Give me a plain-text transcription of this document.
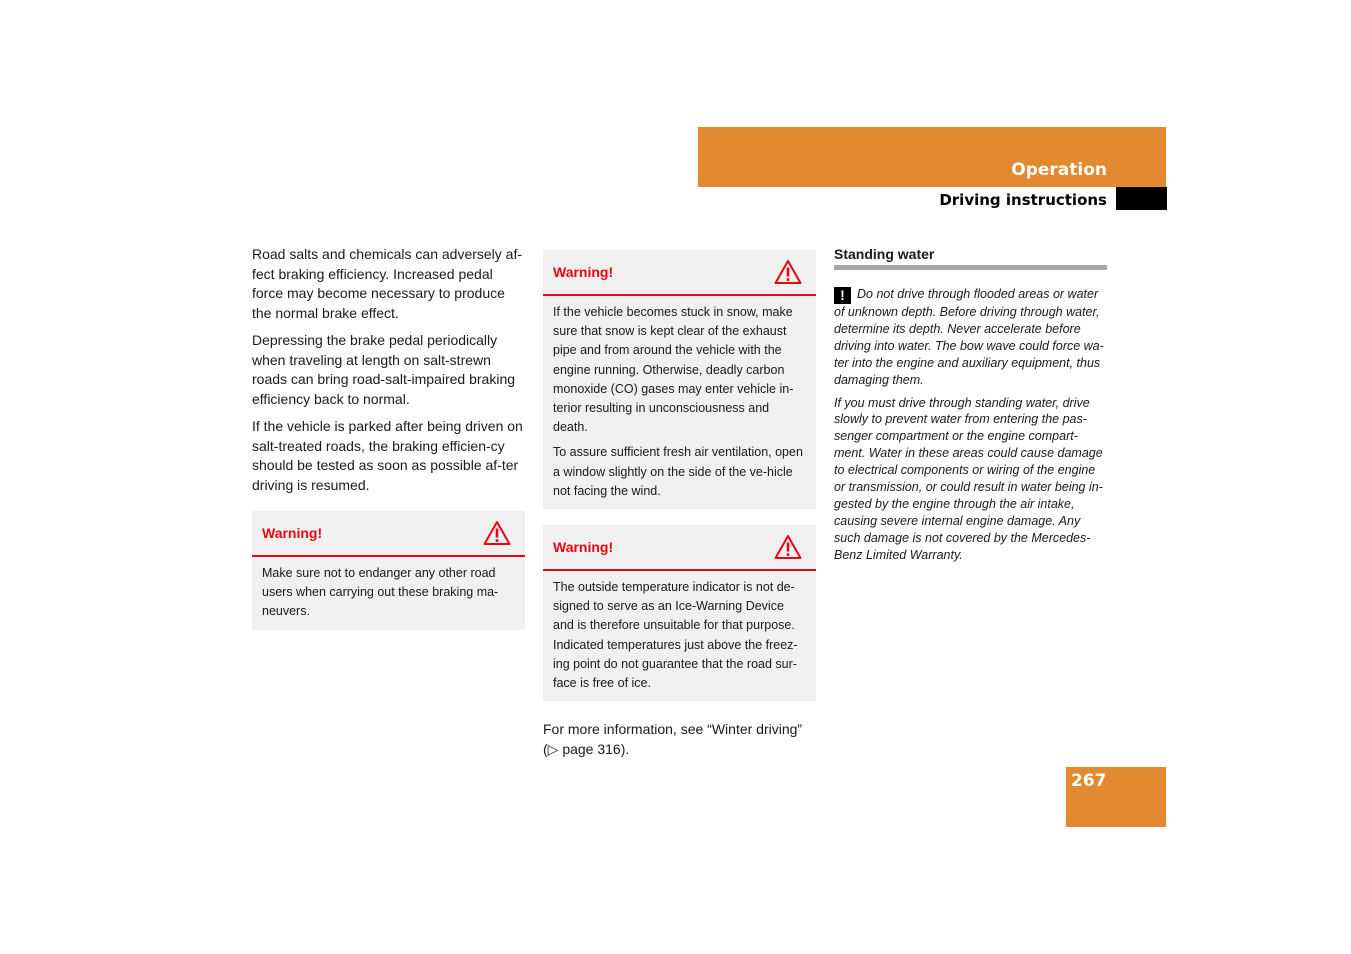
Operation
Driving instructions

Road salts and chemicals can adversely af-fect braking efficiency. Increased pedal force may become necessary to produce the normal brake effect.

Depressing the brake pedal periodically when traveling at length on salt-strewn roads can bring road-salt-impaired braking efficiency back to normal.

If the vehicle is parked after being driven on salt-treated roads, the braking efficien-cy should be tested as soon as possible af-ter driving is resumed.

Warning!

Make sure not to endanger any other road users when carrying out these braking ma-neuvers.

Warning!

If the vehicle becomes stuck in snow, make sure that snow is kept clear of the exhaust pipe and from around the vehicle with the engine running. Otherwise, deadly carbon monoxide (CO) gases may enter vehicle in-terior resulting in unconsciousness and death.

To assure sufficient fresh air ventilation, open a window slightly on the side of the ve-hicle not facing the wind.

Warning!

The outside temperature indicator is not de-signed to serve as an Ice-Warning Device and is therefore unsuitable for that purpose. Indicated temperatures just above the freez-ing point do not guarantee that the road sur-face is free of ice.

For more information, see “Winter driving” (▷ page 316).
Standing water

! Do not drive through flooded areas or water of unknown depth. Before driving through water, determine its depth. Never accelerate before driving into water. The bow wave could force wa-ter into the engine and auxiliary equipment, thus damaging them.

If you must drive through standing water, drive slowly to prevent water from entering the pas-senger compartment or the engine compart-ment. Water in these areas could cause damage to electrical components or wiring of the engine or transmission, or could result in water being in-gested by the engine through the air intake, causing severe internal engine damage. Any such damage is not covered by the Mercedes-Benz Limited Warranty.

267
